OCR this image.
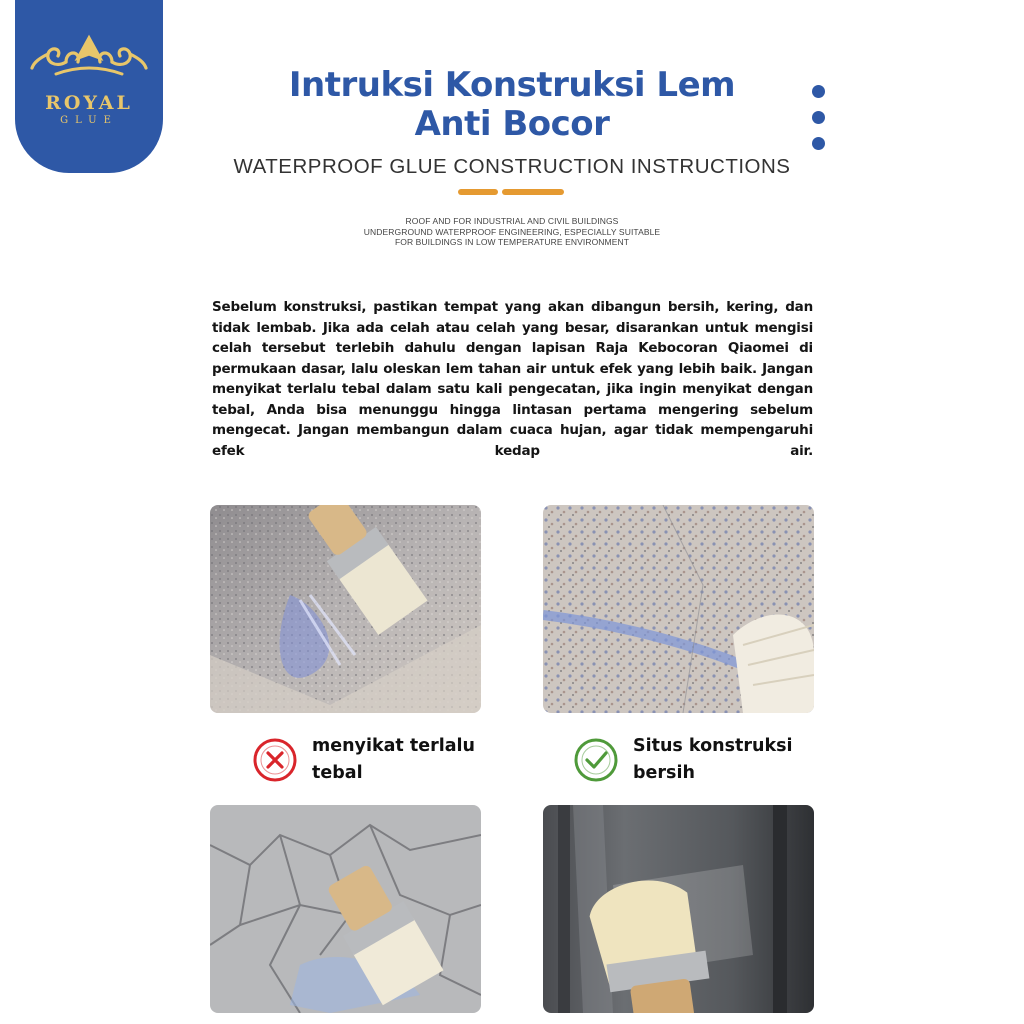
ROYAL
GLUE
Intruksi Konstruksi Lem
Anti Bocor
WATERPROOF GLUE CONSTRUCTION INSTRUCTIONS
ROOF AND FOR INDUSTRIAL AND CIVIL BUILDINGS
UNDERGROUND WATERPROOF ENGINEERING, ESPECIALLY SUITABLE
FOR BUILDINGS IN LOW TEMPERATURE ENVIRONMENT
Sebelum konstruksi, pastikan tempat yang akan dibangun bersih, kering, dan tidak lembab. Jika ada celah atau celah yang besar, disarankan untuk mengisi celah tersebut terlebih dahulu dengan lapisan Raja Kebocoran Qiaomei di permukaan dasar, lalu oleskan lem tahan air untuk efek yang lebih baik. Jangan menyikat terlalu tebal dalam satu kali pengecatan, jika ingin menyikat dengan tebal, Anda bisa menunggu hingga lintasan pertama mengering sebelum mengecat. Jangan membangun dalam cuaca hujan, agar tidak mempengaruhi efek kedap air.
menyikat terlalu
tebal
Situs konstruksi
bersih
